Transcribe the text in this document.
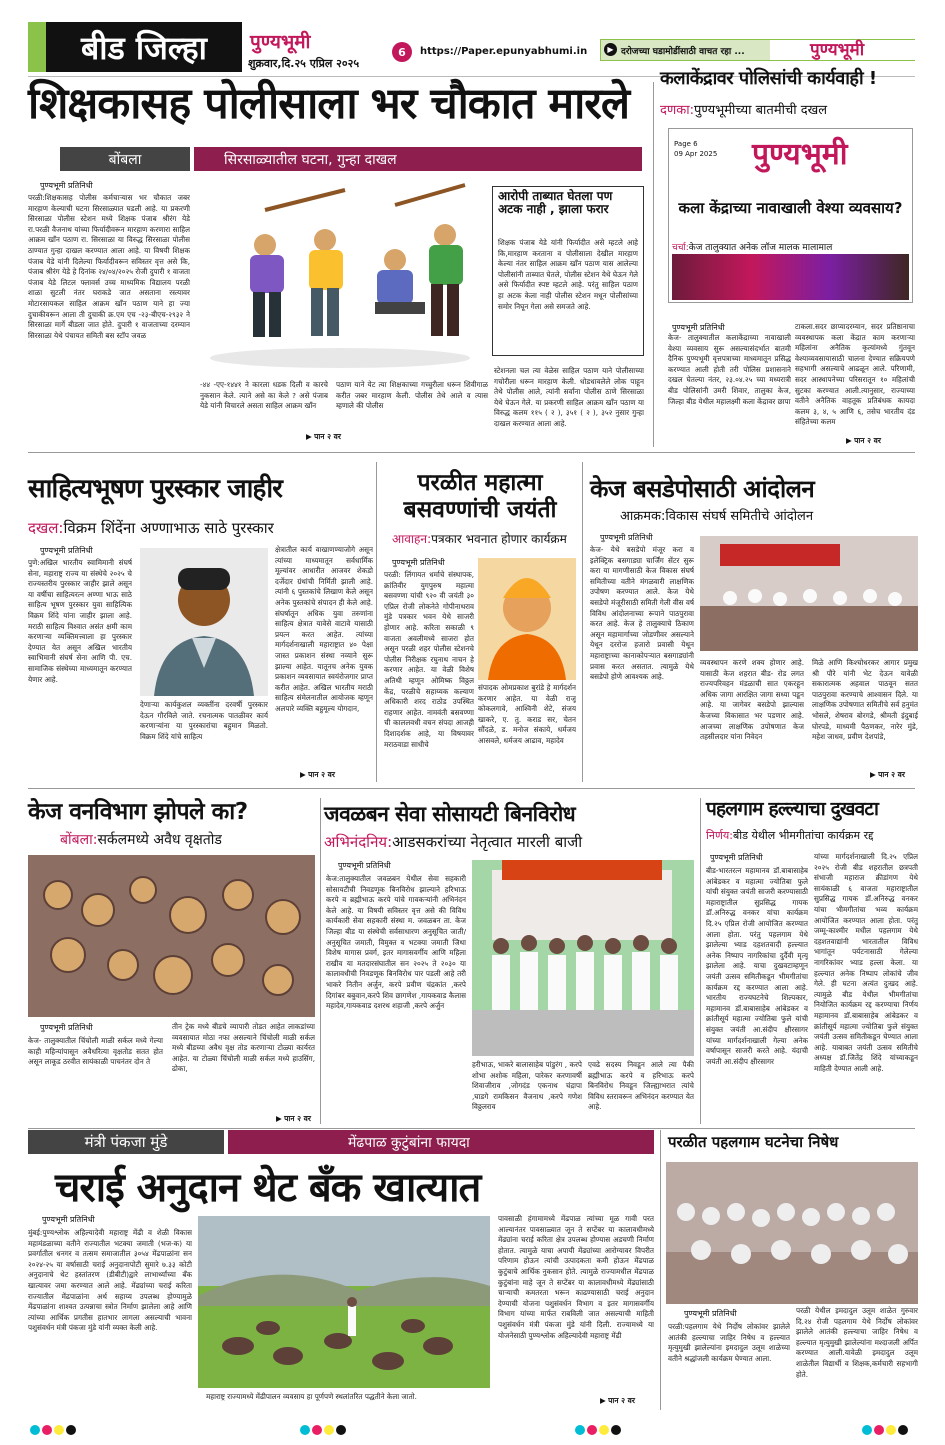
बीड जिल्हा	पुण्यभूमी
शुक्रवार,दि.२५ एप्रिल २०२५
6	https://Paper.epunyabhumi.in	▶ दरोजच्या घडामोडींसाठी वाचत रहा ...	पुण्यभूमी
शिक्षकासह पोलीसाला भर चौकात मारले
बोंबला	सिरसाळ्यातील घटना, गुन्हा दाखल
पुण्यभूमी प्रतिनिधी
परळी:शिक्षकासह पोलीस कर्मचाऱ्यास भर चौकात जबर मारहाण केल्याची घटना सिरसाळ्यात घडली आहे. या प्रकरणी सिरसाळा पोलीस स्टेशन मध्ये शिक्षक पंजाब श्रीरंग येडे रा.परळी वैजनाथ यांच्या फिर्यादीवरून मारहाण करणारा साहिल आक्रम खाँन पठाण रा. सिरसाळा या विरुद्ध सिरसाळा पोलीस ठाण्यात गुन्हा दाखल करण्यात आला आहे. या विषयी शिक्षक पंजाब येडे यांनी दिलेल्या फिर्यादीवरून सविस्तर वृत्त असे कि, पंजाब श्रीरंग येडे हे दिनांक २४/०४/२०२५ रोजी दुपारी १ वाजता पंजाब येडे लिटल फ्लावर्स उच्च माध्यमिक विद्यालय परळी शाळा सुटली नंतर घराकडे जात असताना रस्त्यावर मोटारसायकल साहिल आक्रम खाँन पठाण याने हा ज्या दुचाकीवरून आला ती दुचाकी क्र.एम एच -२३-बीएच-२९३२ ने सिरसाळा मार्गे बीडला जात होते. दुपारी १ वाजताच्या दरम्यान सिरसाळा येथे पंचायत समिती बस स्टॉप जवळ
-४४ -एए-१४४१ ने कारला धडक दिली व कारचे नुकसान केले. त्याने असे का केले ? असे पंजाब येडे यांनी विचारले असता साहिल आक्रम खाँन
पठाण याने येट त्या शिक्षकाच्या गच्चुरीला धरून शिवीगाळ करीत जबर मारहाण केली. पोलीस तेथे आले व त्यास म्हणाले की पोलीस
आरोपी ताब्यात घेतला पण अटक नाही , झाला फरार
शिक्षक पंजाब येडे यांनी फिर्यादीत असे म्हटले आहे कि,मारहाण करताना व पोलीसाला देखील मारहाण केल्या नंतर साहिल आक्रम खाँन पठाण यास आलेल्या पोलीसांनी ताब्यात घेतले, पोलीस स्टेशन येथे घेऊन गेले असे फिर्यादीत स्पष्ट म्हटले आहे. परंतु साहिल पठाण हा अटक केला नाही पोलीस स्टेशन मधून पोलीसांच्या समोर निघून गेला असे समजते आहे.
स्टेशनला चल त्या वेळेस साहिल पठाण याने पोलीसाच्या गचोरीला धरून मारहाण केली. धोडधावलेले लोक पाहून तेथे पोलीस आले, त्यांनी सर्वांना पोलीस ठाणे सिरसाळा येथे घेऊन गेले. या प्रकरणी साहिल आक्रम खाँन पठाण या विरुद्ध कलम ११५ ( २ ), ३५१ ( २ ), ३५२ नुसार गुन्हा दाखल करण्यात आला आहे.
कलाकेंद्रावर पोलिसांची कार्यवाही !
दणका:पुण्यभूमीच्या बातमीची दखल
Page 6
09 Apr 2025 पुण्यभूमी
कला केंद्राच्या नावाखाली वेश्या व्यवसाय?
चर्चा:केज तालुक्यात अनेक लॉज मालक मालामाल
पुण्यभूमी प्रतिनिधी
केज- तालुक्यातील कलाकेंद्राच्या नावाखाली वेश्या व्यवसाय सुरू असल्यासंदर्भात बातमी दैनिक पुण्यभूमी वृत्तपत्राच्या माध्यमातून प्रसिद्ध करण्यात आली होती तरी पोलिस प्रशासनाने दखल घेतल्या नंतर, २३.०४.२५ च्या मध्यरात्री बीड पोलिसांनी उमरी शिवार, तालुका केज, जिल्हा बीड येथील महालक्ष्मी कला केंद्रावर छापा
टाकला.सदर छाप्यादरम्यान, सदर प्रतिष्ठानाचा व्यवस्थापक कला केंद्रात काम करणाऱ्या महिलांना अनैतिक कृत्यांमध्ये गुंतवून वेश्याव्यवसायासाठी चालना देण्यात सक्रियपणे सहभागी असल्याचे आढळून आले. परिणामी, सदर आस्थापनेच्या परिसरातून १० महिलांची सुटका करण्यात आली.त्यानुसार, राज्याच्या वतीने अनैतिक वाहतूक प्रतिबंधक कायदा कलम ३, ४, ५ आणि ६, तसेच भारतीय दंड संहितेच्या कलम
साहित्यभूषण पुरस्कार जाहीर
दखल:विक्रम शिंदेंना अण्णाभाऊ साठे पुरस्कार
पुण्यभूमी प्रतिनिधी
पुणे:अखिल भारतीय स्वामिमानी संघर्ष सेना, महाराष्ट्र राज्य या संस्थेचे २०२५ चे राज्यस्तरीय पुरस्कार जाहीर झाले असून या वर्षीचा साहित्यरत्न अण्णा भाऊ साठे साहित्य भूषण पुरस्कार युवा साहित्यिक विक्रम शिंदे यांना जाहीर झाला आहे. मराठी साहित्य विश्वात असंत क्षमी काम करणाऱ्या व्यक्तिमत्त्वाला हा पुरस्कार देण्यात येत असून अखिल भारतीय स्वाभिमानी संघर्ष सेना आणि पी. एच. सामाजिक संस्थेच्या माध्यमातून करण्यात येणार आहे.
देणाऱ्या कार्यकुशल व्यक्तींना दरवर्षी पुरस्कार देऊन गौरविले जाते. रचनात्मक पातळीवर कार्य करणाऱ्यांना या पुरस्कारांचा बहुमान मिळतो. विक्रम शिंदे यांचे साहित्य
क्षेत्रातील कार्य वाखाणण्याजोगे असून त्यांच्या माध्यमातून सर्वधार्मिक मूल्यांवर आधारीत आजवर शेकडो दर्जेदार ग्रंथांची निर्मिती झाली आहे. त्यांनी ६ पुस्तकांचे लिखाण केले असून अनेक पुस्तकांचे संपादन ही केले आहे. संघर्षातून अधिक युवा तरुणांना साहित्य क्षेत्रात यावेसे वाटावे यासाठी प्रयत्न करत आहेत. त्यांच्या मार्गदर्शनाखाली महाराष्ट्रात ४० पेक्षा जास्त प्रकाशन संस्था नव्याने सुरू झाल्या आहेत. यातूनच अनेक युवक प्रकाशन व्यवसायात स्वयंरोजगार प्राप्त करीत आहेत. अखिल भारतीय मराठी साहित्य संमेलनातील आयोजक म्हणून अलपारे व्यक्ति बहुमूल्य योगदान,
परळीत महात्मा बसवण्णांची जयंती
आवाहन:पत्रकार भवनात होणार कार्यक्रम
पुण्यभूमी प्रतिनिधी
परळी: लिंगायत धर्माचे संस्थापक, क्रांतिवीर युगपुरुष महात्मा बसवण्णा यांची ९२० वी जयंती ३० एप्रिल रोजी लोकनेते गोपीनाथराव मुंडे पत्रकार भवन येथे साजरी होणार आहे. करिता सकाळी ९ वाजता अवलीमध्ये साजरा होत असून परळी शहर पोलीस स्टेशनचे पोलीस निरीक्षक रघुनाथ नाचन हे करणार आहेत. या वेळी विशेष अतिथी म्हणून ओमिष्क विठ्ठल केंद्र, परळीचे सहाय्यक कल्याण अधिकारी शरद राठोड उपस्थित राहणार आहेत. नामवंती बसवण्णा ची काललवधी वचन संपदा आजही दिशादर्शक आहे, या विषयावर मराठवाडा साधीचे
संपादक ओमप्रकाश बुरांडे हे मार्गदर्शन करणार आहेत. या वेळी राजू कोकलगावे, आश्विनी शेटे, संजय खाकरे, ए. तु. कराड सर, चेतन सौंदळे, ड. मनोज संकाये, धर्मजय आसवले, धर्मजय आढाव, महादेव
केज बसडेपोसाठी आंदोलन
आक्रमक:विकास संघर्ष समितीचे आंदोलन
पुण्यभूमी प्रतिनिधी
केज- येथे बसडेपो मंजूर करा व इलेक्ट्रिक बसगाड्या चार्जिंग सेंटर सुरू करा या मागणीसाठी केज विकास संघर्ष समितीच्या वतीने मंगळवारी लाक्षणिक उपोषण करण्यात आले. केज येथे बसडेपो मंजूरीसाठी समिती गेली वीस वर्ष विविध आंदोलनाच्या रूपाने पाठपुरावा करत आहे. केज हे तालुक्याचे ठिकाण असून महामार्गाच्या जोडणीवर असल्याने येथून दररोज हजारो प्रवासी येथून महाराष्ट्राच्या कानाकोपऱ्यात बसगाड्यांनी प्रवास करत असतात. त्यामुळे येथे बसडेपो होणे आवश्यक आहे.
व्यवस्थापन करणे शक्य होणार आहे. यासाठी केज शहरात बीड- रोड लगत राज्यपरिवहन मंडळाची सात एकरहून अधिक जागा आरक्षित जागा सध्या पडून आहे. या जागेवर बसडेपो झाल्यास केजच्या विकासात भर पडणार आहे. आजच्या लाक्षणिक उपोषणात केज तहसीलदार यांना निवेदन
मिळे आणि किश्चोधरकर आगार प्रमुख श्री पौरे यांनी भेट देऊन यावेळी सकारात्मक अहवाल पाठवून सतत पाठपुरावा करण्याचे आश्वासन दिले. या लाक्षणिक उपोषणात समितीचे सर्व हनुमंत भोसले, शेषराव बोरगडे, श्रीमती इंदुबाई घोरपडे, माध्यमी पैठणकर, नारेर मुंडे, महेश जाधव, प्रवीण देशपांडे,
केज वनविभाग झोपले का?
बोंबला:सर्कलमध्ये अवैध वृक्षतोड
पुण्यभूमी प्रतिनिधी
केज- तालुक्यातील चिंचोली माळी सर्कल मध्ये गेल्या काही महिन्यांपासून अवैधरित्या वृक्षतोड सतत होत असून लाकूड ठरवीत सायंकाळी पाचनंतर दोन ते
तीन ट्रेक मध्ये बीडचे व्यापारी तोडत आहेत लाकडांच्या व्यवसायात मोठा नफा असल्याने चिंचोली माळी सर्कल मध्ये बीडच्या अवैध वृक्ष तोड करणाऱ्या टोळ्या कार्यरत आहेत. या टोळ्या चिंचोली माळी सर्कल मध्ये हाउसिंग, ढोका,
जवळबन सेवा सोसायटी बिनविरोध
अभिनंदनिय:आडसकरांच्या नेतृत्वात मारली बाजी
पुण्यभूमी प्रतिनिधी
केज:तालुक्यातील जवळबन येथील सेवा सहकारी सोसायटीची निवडणूक बिनविरोध झाल्याने हरिभाऊ करपे व ब्रह्मीभाऊ करपे यांचे गावकऱ्यांनी अभिनंदन केले आहे. या विषयी सविस्तर वृत्त असे की विविध कार्यकारी सेवा सहकारी संस्था म. जवळबन ता. केज जिल्हा बीड या संस्थेची सर्वसाधारण अनुसूचित जाती/अनुसूचित जमाती, विमुक्त व भटक्या जमाती जिथा विशेष मागास प्रवर्ग, इतर मागासवर्गीय आणि महिला राखीव या मतदारसंघातील सन २०२५ ते २०३० या कालावधीची निवडणूक बिनविरोध पार पडली आहे तरी भाकरे नितीन अर्जुन, करपे प्रवीण चंद्रकांत ,करपे दिगांबर बबुवान,करपे शिव छागणेश ,गायकवाड कैलास महादेव,गायकवाड दशरथ शहाजी ,करपे अर्जुन
हरीभाऊ, भाकरे बालासाहेब पांडुरंग , करपे शोभा अशोक महिला, पारेकर करणावर्षी शिवाजीराव ,जोगदंड एकनाथ चंद्रापा ,घाडगे रामकिसन वैजनाथ ,करपे गणेश विठ्ठलराव
एवढे सदस्य निवडून आले त्या पैकी ब्रह्मीभाऊ करपे व हरिभाऊ करपे बिनविरोध निवडून जिल्ह्याभरात त्यांचे विविध स्तरावरून अभिनंदन करण्यात येत आहे.
पहलगाम हल्ल्याचा दुखवटा
निर्णय:बीड येथील भीमगीतांचा कार्यक्रम रद्द
पुण्यभूमी प्रतिनिधी
बीड-भारतरत्न महामानव डॉ.बाबासाहेब आंबेडकर व महात्मा ज्योतिबा फुले यांची संयुक्त जयंती साजरी करण्यासाठी महाराष्ट्रातील सुप्रसिद्ध गायक डॉ.अनिरुद्ध वनकर यांचा कार्यक्रम दि.२५ एप्रिल रोजी आयोजित करण्यात आला होता. परंतु पहलगाम येथे झालेल्या भ्याड दहशतवादी हल्ल्यात अनेक निष्पाप नागरिकांचा दुर्दैवी मृत्यू झालेला आहे. याचा दुखवटाम्हणून जयंती उत्सव समितीकडून भीमगीतांचा कार्यक्रम रद्द करण्यात आला आहे. भारतीय राज्यघटनेचे शिल्पकार, महामानव डॉ.बाबासाहेब आंबेडकर व क्रांतीसूर्य महात्मा ज्योतिबा फुले यांची संयुक्त जयंती आ.संदीप क्षीरसागर यांच्या मार्गदर्शनाखाली गेल्या अनेक वर्षापासून साजरी करते आहे. यंदाची जयंती आ.संदीप क्षीरसागर
यांच्या मार्गदर्शनाखाली दि.२५ एप्रिल २०२५ रोजी बीड शहरातील छत्रपती संभाजी महाराज क्रीडांगण येथे सायंकाळी ६ वाजता महाराष्ट्रातील सुप्रसिद्ध गायक डॉ.अनिरुद्ध वनकर यांचा भीमगीतांचा भव्य कार्यक्रम आयोजित करण्यात आला होता. परंतु जम्मू-काश्मीर मधील पहलगाम येथे दहशतवाद्यांनी भारतातील विविध भागांतून पर्यटनासाठी गेलेल्या नागरिकांवर भ्याड हल्ला केला. या हल्ल्यात अनेक निष्पाप लोकांचे जीव गेले. ही घटना अत्यंत दुःखद आहे. त्यामुळे बीड येथील भीमगीतांचा नियोजित कार्यक्रम रद्द करण्याचा निर्णय महामानव डॉ.बाबासाहेब आंबेडकर व क्रांतीसूर्य महात्मा ज्योतिबा फुले संयुक्त जयंती उत्सव समितीकडून घेण्यात आला आहे. याबाबत जयंती उत्सव समितीचे अध्यक्ष डॉ.जितेंद्र शिंदे यांच्याकडून माहिती देण्यात आली आहे.
मंत्री पंकजा मुंडे	मेंढपाळ कुटुंबांना फायदा
चराई अनुदान थेट बँक खात्यात
पुण्यभूमी प्रतिनिधी
मुंबई:पुण्यश्लोक अहिल्यादेवी महाराष्ट्र मेंढी व शेळी विकास महामंडळाच्या वतीने राज्यातील भटक्या जमाती (भज-क) या प्रवर्गातील धनगर व तत्सम समाजातील ३०५४ मेंढपाळांना सन २०२४-२५ या वर्षासाठी चराई अनुदानापोटी सुमारे ७.३३ कोटी अनुदानाचे थेट हस्तांतरण (डीबीटी)द्वारे लाभार्थ्यांच्या बँक खात्यावर जमा करण्यात आले आहे. मेंढ्यांच्या चराई करिता राज्यातील मेंढपाळांना अर्थ सहाय्य उपलब्ध होण्यामुळे मेंढपाळांना शाश्वत उत्पन्नाचा स्त्रोत निर्माण झालेला आहे आणि त्यांच्या आर्थिक प्रगतीस हातभार लागला असल्याची भावना पशुसंवर्धन मंत्री पंकजा मुंडे यांनी व्यक्त केली आहे.
महाराष्ट्र राज्यामध्ये मेंढीपालन व्यवसाय हा पूर्णपणे स्थलांतरित पद्धतीने केला जातो.
पावसाळी हंगामामध्ये मेंढपाळ त्यांच्या मूळ गावी परत आल्यानंतर पावसाळ्यात जून ते सप्टेंबर या कालावधीमध्ये मेंढ्यांना चराई करिता क्षेत्र उपलब्ध होण्यास अडचणी निर्माण होतात. त्यामुळे याचा अपायी मेंढ्यांच्या आरोग्यावर विपरीत परिणाम होऊन त्यांची उत्पादकता कमी होऊन मेंढपाळ कुटुंबाचे आर्थिक नुकसान होते. त्यामुळे राज्यामधील मेंढपाळ कुटुंबांना माहे जून ते सप्टेंबर या कालावधीमध्ये मेंढ्यांसाठी चाऱ्याची कमतरता भरून काढण्यासाठी चराई अनुदान देण्याची योजना पशुसंवर्धन विभाग व इतर मागासवर्गीय विभाग यांच्या मार्फत राबविली जात असल्याची माहिती पशुसंवर्धन मंत्री पंकजा मुंडे यांनी दिली. राज्यामध्ये या योजनेसाठी पुण्यश्लोक अहिल्यादेवी महाराष्ट्र मेंढी
परळीत पहलगाम घटनेचा निषेध
पुण्यभूमी प्रतिनिधी
परळी:पहलगाम येथे निर्दोष लोकांवर झालेले आतंकी हल्ल्याचा जाहिर निषेध व हल्ल्यात मृत्युमुखी झालेल्यांना इमदादुल उलूम शाळेच्या वतीने श्रद्धांजली कार्यक्रम घेण्यात आला.
परळी येथील इमदादुल उलूम शाळेत गुरुवार दि.२४ रोजी पहलगाम येथे निर्दोष लोकांवर झालेले आतंकी हल्ल्याचा जाहिर निषेध व हल्ल्यात मृत्युमुखी झालेल्यांना मश्दाजली अर्पित करण्यात आली.यावेळी इमदादुल उलूम शाळेतील विद्यार्थी व शिक्षक,कर्मचारी सहभागी होते.
▶ पान २ वर	▶ पान २ वर
▶ पान २ वर	▶ पान २ वर
▶ पान २ वर
▶ पान २ वर
